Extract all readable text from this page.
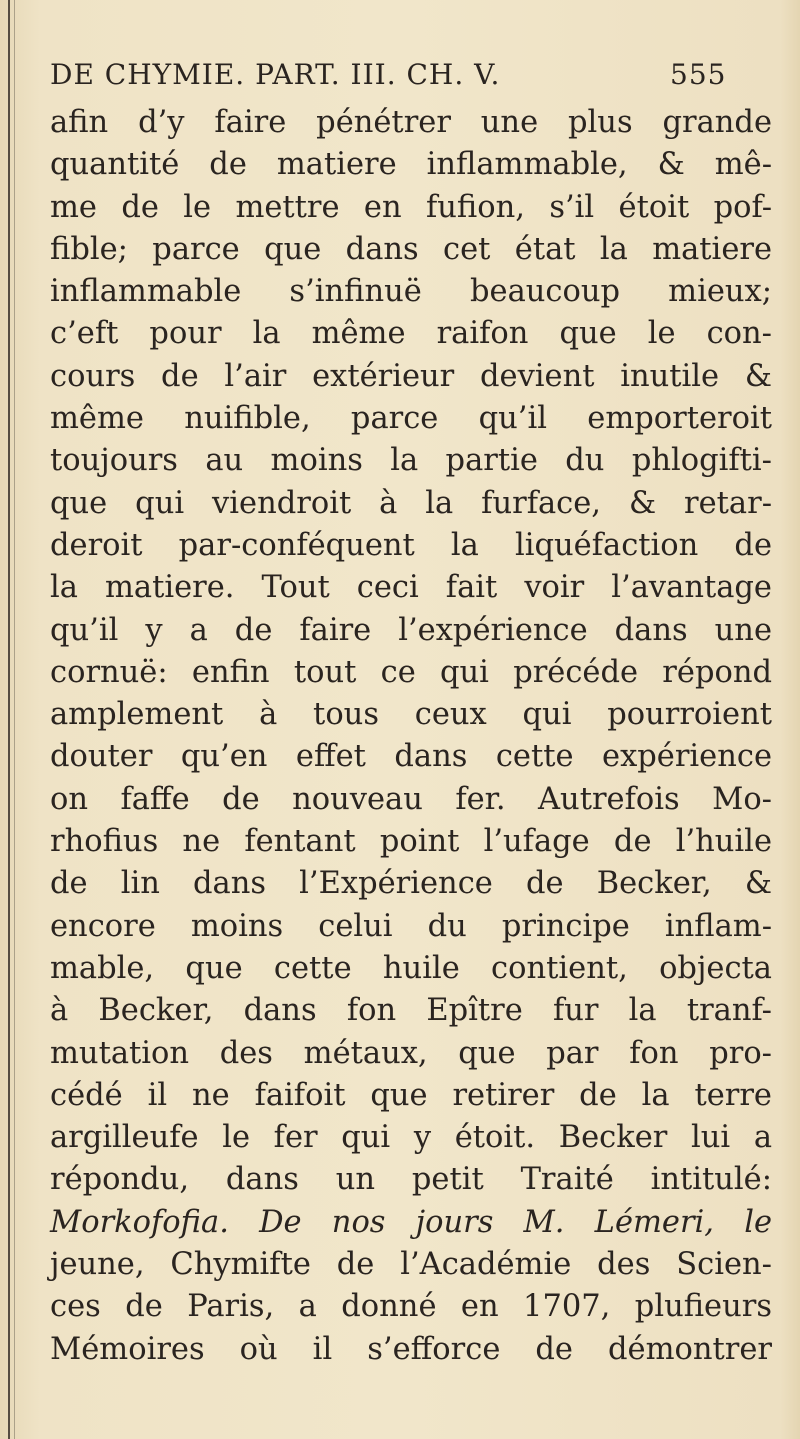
DE CHYMIE. PART. III. CH. V.	555
afin d’y faire pénétrer une plus grande
quantité de matiere inflammable, & mê-
me de le mettre en fufion, s’il étoit pof-
fible; parce que dans cet état la matiere
inflammable s’infinuë beaucoup mieux;
c’eft pour la même raifon que le con-
cours de l’air extérieur devient inutile &
même nuifible, parce qu’il emporteroit
toujours au moins la partie du phlogifti-
que qui viendroit à la furface, & retar-
deroit par-conféquent la liquéfaction de
la matiere. Tout ceci fait voir l’avantage
qu’il y a de faire l’expérience dans une
cornuë: enfin tout ce qui précéde répond
amplement à tous ceux qui pourroient
douter qu’en effet dans cette expérience
on faffe de nouveau fer. Autrefois Mo-
rhofius ne fentant point l’ufage de l’huile
de lin dans l’Expérience de Becker, &
encore moins celui du principe inflam-
mable, que cette huile contient, objecta
à Becker, dans fon Epître fur la tranf-
mutation des métaux, que par fon pro-
cédé il ne faifoit que retirer de la terre
argilleufe le fer qui y étoit. Becker lui a
répondu, dans un petit Traité intitulé:
Morkofofia. De nos jours M. Lémeri, le
jeune, Chymifte de l’Académie des Scien-
ces de Paris, a donné en 1707, plufieurs
Mémoires où il s’efforce de démontrer
